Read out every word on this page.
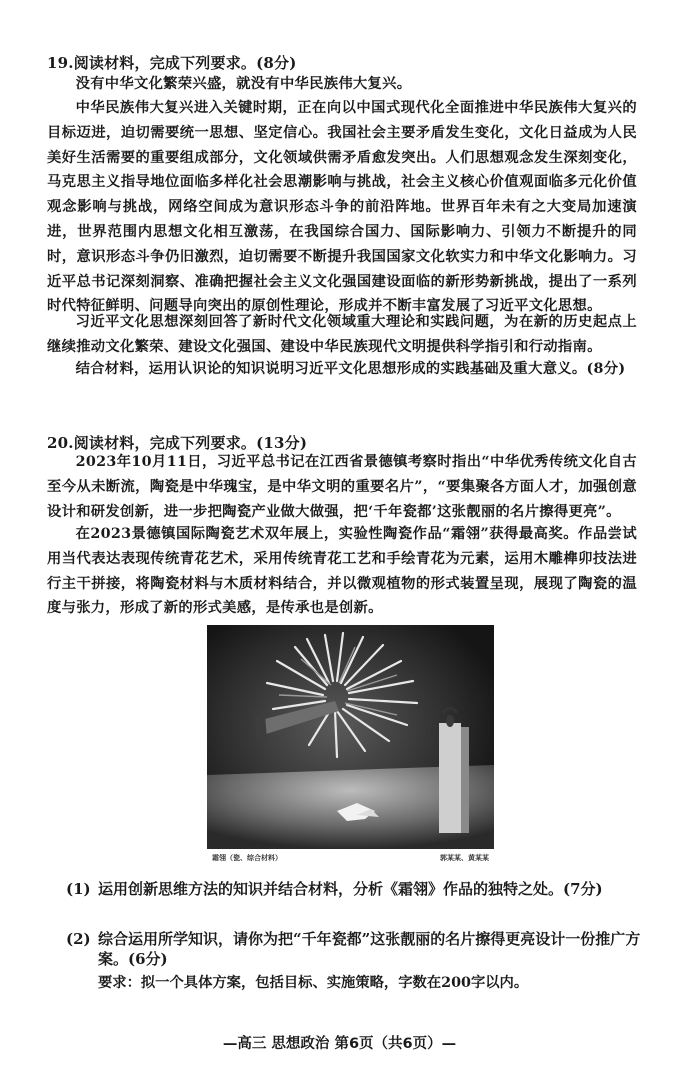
19.阅读材料，完成下列要求。(8分)
没有中华文化繁荣兴盛，就没有中华民族伟大复兴。
中华民族伟大复兴进入关键时期，正在向以中国式现代化全面推进中华民族伟大复兴的目标迈进，迫切需要统一思想、坚定信心。我国社会主要矛盾发生变化，文化日益成为人民美好生活需要的重要组成部分，文化领域供需矛盾愈发突出。人们思想观念发生深刻变化，马克思主义指导地位面临多样化社会思潮影响与挑战，社会主义核心价值观面临多元化价值观念影响与挑战，网络空间成为意识形态斗争的前沿阵地。世界百年未有之大变局加速演进，世界范围内思想文化相互激荡，在我国综合国力、国际影响力、引领力不断提升的同时，意识形态斗争仍旧激烈，迫切需要不断提升我国国家文化软实力和中华文化影响力。习近平总书记深刻洞察、准确把握社会主义文化强国建设面临的新形势新挑战，提出了一系列时代特征鲜明、问题导向突出的原创性理论，形成并不断丰富发展了习近平文化思想。
习近平文化思想深刻回答了新时代文化领域重大理论和实践问题，为在新的历史起点上继续推动文化繁荣、建设文化强国、建设中华民族现代文明提供科学指引和行动指南。
结合材料，运用认识论的知识说明习近平文化思想形成的实践基础及重大意义。(8分)
20.阅读材料，完成下列要求。(13分)
2023年10月11日，习近平总书记在江西省景德镇考察时指出“中华优秀传统文化自古至今从未断流，陶瓷是中华瑰宝，是中华文明的重要名片”，“要集聚各方面人才，加强创意设计和研发创新，进一步把陶瓷产业做大做强，把‘千年瓷都’这张靓丽的名片擦得更亮”。
在2023景德镇国际陶瓷艺术双年展上，实验性陶瓷作品“霜翎”获得最高奖。作品尝试用当代表达表现传统青花艺术，采用传统青花工艺和手绘青花为元素，运用木雕榫卯技法进行主干拼接，将陶瓷材料与木质材料结合，并以微观植物的形式装置呈现，展现了陶瓷的温度与张力，形成了新的形式美感，是传承也是创新。
霜翎（瓷、综合材料）	郭某某、黄某某
(1) 运用创新思维方法的知识并结合材料，分析《霜翎》作品的独特之处。(7分)
(2) 综合运用所学知识，请你为把“千年瓷都”这张靓丽的名片擦得更亮设计一份推广方
案。(6分)
要求：拟一个具体方案，包括目标、实施策略，字数在200字以内。
—高三 思想政治 第6页（共6页）—
